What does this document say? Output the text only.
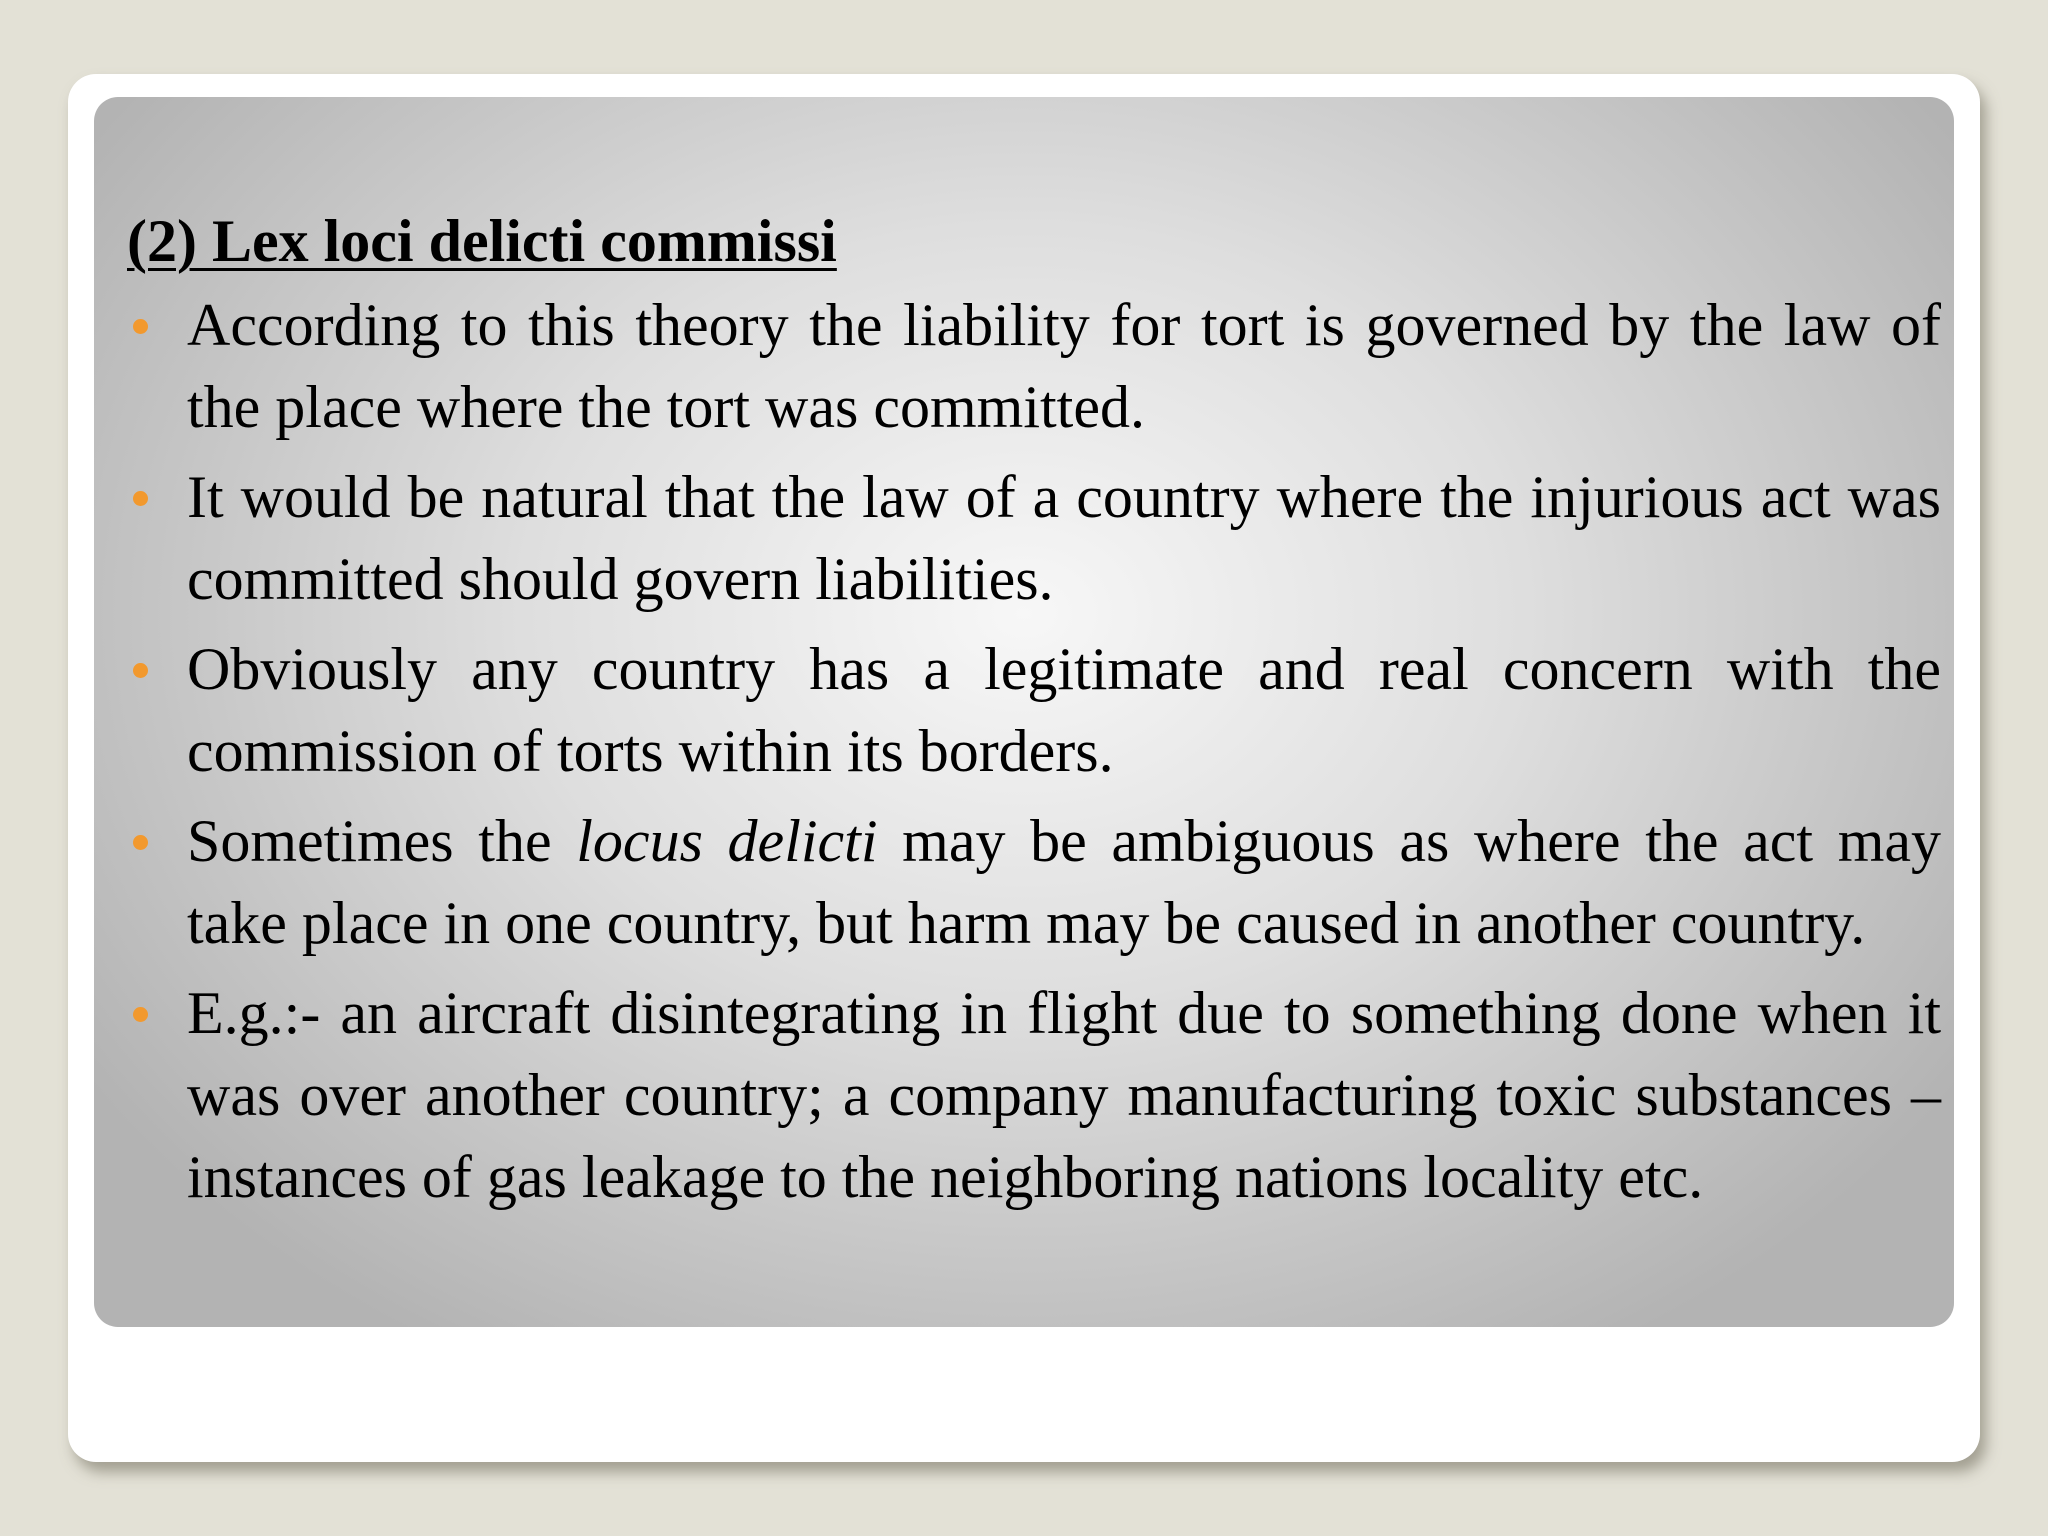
(2) Lex loci delicti commissi
According to this theory the liability for tort is governed by the law of the place where the tort was committed.
It would be natural that the law of a country where the injurious act was committed should govern liabilities.
Obviously any country has a legitimate and real concern with the commission of torts within its borders.
Sometimes the locus delicti may be ambiguous as where the act may take place in one country, but harm may be caused in another country.
E.g.:- an aircraft disintegrating in flight due to something done when it was over another country; a company manufacturing toxic substances – instances of gas leakage to the neighboring nations locality etc.
